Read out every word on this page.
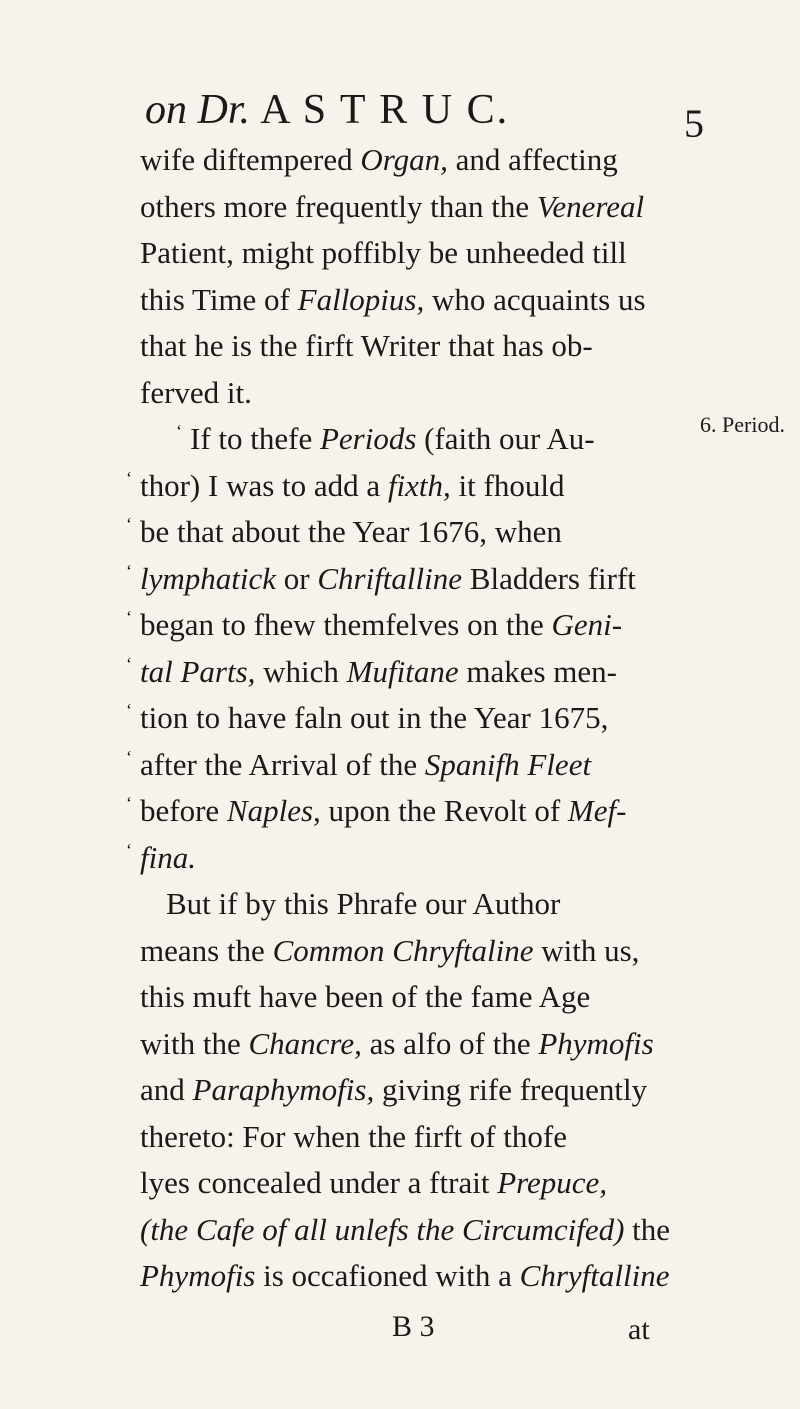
on Dr. A S T R U C.	5
6. Period.
wife diftempered Organ, and affecting
others more frequently than the Venereal
Patient, might poffibly be unheeded till
this Time of Fallopius, who acquaints us
that he is the firft Writer that has ob-
ferved it.
‘ If to thefe Periods (faith our Au-
‘ thor) I was to add a fixth, it fhould
‘ be that about the Year 1676, when
‘ lymphatick or Chriftalline Bladders firft
‘ began to fhew themfelves on the Geni-
‘ tal Parts, which Mufitane makes men-
‘ tion to have faln out in the Year 1675,
‘ after the Arrival of the Spanifh Fleet
‘ before Naples, upon the Revolt of Mef-
‘ fina.
But if by this Phrafe our Author
means the Common Chryftaline with us,
this muft have been of the fame Age
with the Chancre, as alfo of the Phymofis
and Paraphymofis, giving rife frequently
thereto: For when the firft of thofe
lyes concealed under a ftrait Prepuce,
(the Cafe of all unlefs the Circumcifed) the
Phymofis is occafioned with a Chryftalline
B 3	at
